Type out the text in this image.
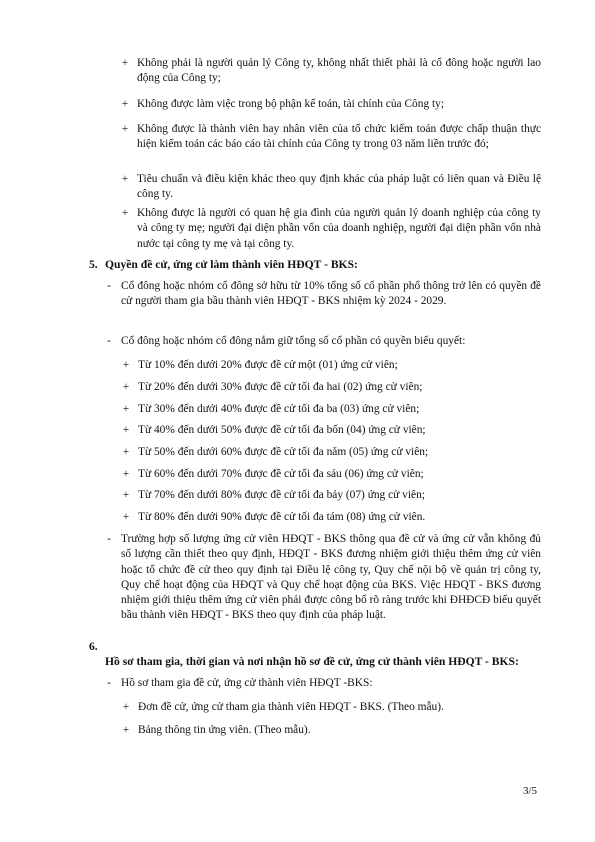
+ Không phải là người quản lý Công ty, không nhất thiết phải là cổ đông hoặc người lao động của Công ty;
+ Không được làm việc trong bộ phận kế toán, tài chính của Công ty;
+ Không được là thành viên hay nhân viên của tổ chức kiểm toán được chấp thuận thực hiện kiểm toán các báo cáo tài chính của Công ty trong 03 năm liền trước đó;
+ Tiêu chuẩn và điều kiện khác theo quy định khác của pháp luật có liên quan và Điều lệ công ty.
+ Không được là người có quan hệ gia đình của người quản lý doanh nghiệp của công ty và công ty mẹ; người đại diện phần vốn của doanh nghiệp, người đại diện phần vốn nhà nước tại công ty mẹ và tại công ty.
5. Quyền đề cử, ứng cử làm thành viên HĐQT - BKS:
- Cổ đông hoặc nhóm cổ đông sở hữu từ 10% tổng số cổ phần phổ thông trở lên có quyền đề cử người tham gia bầu thành viên HĐQT - BKS nhiệm kỳ 2024 - 2029.
- Cổ đông hoặc nhóm cổ đông nắm giữ tổng số cổ phần có quyền biểu quyết:
+ Từ 10% đến dưới 20% được đề cử một (01) ứng cử viên;
+ Từ 20% đến dưới 30% được đề cử tối đa hai (02) ứng cử viên;
+ Từ 30% đến dưới 40% được đề cử tối đa ba (03) ứng cử viên;
+ Từ 40% đến dưới 50% được đề cử tối đa bốn (04) ứng cử viên;
+ Từ 50% đến dưới 60% được đề cử tối đa năm (05) ứng cử viên;
+ Từ 60% đến dưới 70% được đề cử tối đa sáu (06) ứng cử viên;
+ Từ 70% đến dưới 80% được đề cử tối đa bảy (07) ứng cử viên;
+ Từ 80% đến dưới 90% được đề cử tối đa tám (08) ứng cử viên.
- Trường hợp số lượng ứng cử viên HĐQT - BKS thông qua đề cử và ứng cử vẫn không đủ số lượng cần thiết theo quy định, HĐQT - BKS đương nhiệm giới thiệu thêm ứng cử viên hoặc tổ chức đề cử theo quy định tại Điều lệ công ty, Quy chế nội bộ về quản trị công ty, Quy chế hoạt động của HĐQT và Quy chế hoạt động của BKS. Việc HĐQT - BKS đương nhiệm giới thiệu thêm ứng cử viên phải được công bố rõ ràng trước khi ĐHĐCĐ biểu quyết bầu thành viên HĐQT - BKS theo quy định của pháp luật.
6.
Hồ sơ tham gia, thời gian và nơi nhận hồ sơ đề cử, ứng cử thành viên HĐQT - BKS:
- Hồ sơ tham gia đề cử, ứng cử thành viên HĐQT -BKS:
+ Đơn đề cử, ứng cử tham gia thành viên HĐQT - BKS. (Theo mẫu).
+ Bảng thông tin ứng viên. (Theo mẫu).
3/5
